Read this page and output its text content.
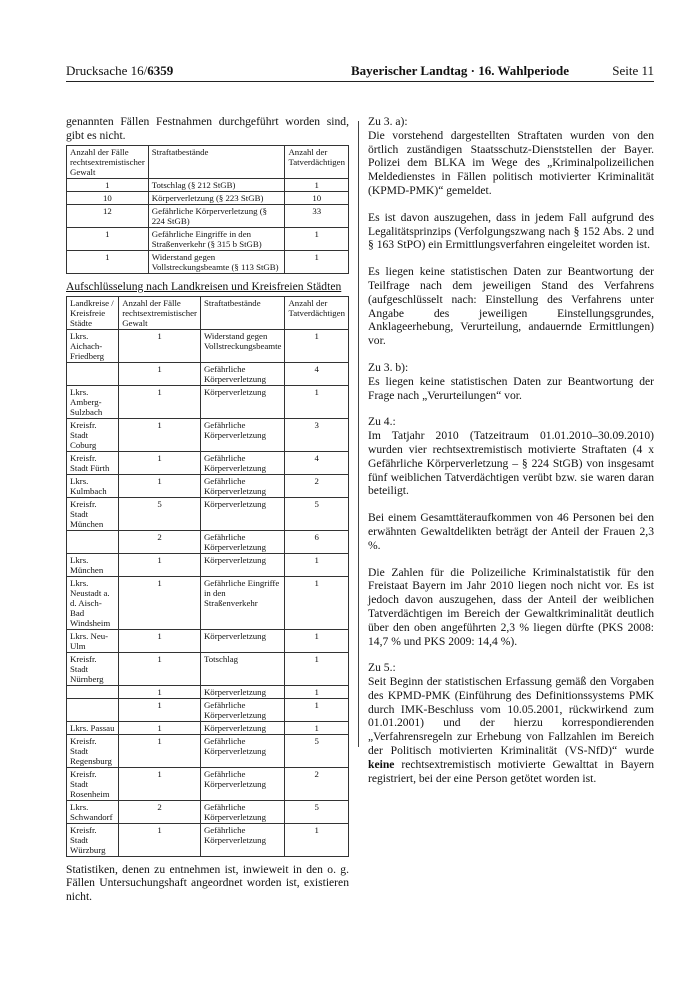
Drucksache 16/6359	Bayerischer Landtag · 16. Wahlperiode	Seite 11

genannten Fällen Festnahmen durchgeführt worden sind, gibt es nicht.

Anzahl der Fälle rechtsextremistischer Gewalt	Straftatbestände	Anzahl der Tatverdächtigen
1	Totschlag (§ 212 StGB)	1
10	Körperverletzung (§ 223 StGB)	10
12	Gefährliche Körperverletzung (§ 224 StGB)	33
1	Gefährliche Eingriffe in den Straßenverkehr (§ 315 b StGB)	1
1	Widerstand gegen Vollstreckungsbeamte (§ 113 StGB)	1
Aufschlüsselung nach Landkreisen und Kreisfreien Städten
Landkreise / Kreisfreie Städte	Anzahl der Fälle rechtsextremistischer Gewalt	Straftatbestände	Anzahl der Tatverdächtigen
Lkrs. Aichach-Friedberg	1	Widerstand gegen Vollstreckungsbeamte	1
	1	Gefährliche Körperverletzung	4
Lkrs. Amberg-Sulzbach	1	Körperverletzung	1
Kreisfr. Stadt Coburg	1	Gefährliche Körperverletzung	3
Kreisfr. Stadt Fürth	1	Gefährliche Körperverletzung	4
Lkrs. Kulmbach	1	Gefährliche Körperverletzung	2
Kreisfr. Stadt München	5	Körperverletzung	5
	2	Gefährliche Körperverletzung	6
Lkrs. München	1	Körperverletzung	1
Lkrs. Neustadt a. d. Aisch-Bad Windsheim	1	Gefährliche Eingriffe in den Straßenverkehr	1
Lkrs. Neu-Ulm	1	Körperverletzung	1
Kreisfr. Stadt Nürnberg	1	Totschlag	1
	1	Körperverletzung	1
	1	Gefährliche Körperverletzung	1
Lkrs. Passau	1	Körperverletzung	1
Kreisfr. Stadt Regensburg	1	Gefährliche Körperverletzung	5
Kreisfr. Stadt Rosenheim	1	Gefährliche Körperverletzung	2
Lkrs. Schwandorf	2	Gefährliche Körperverletzung	5
Kreisfr. Stadt Würzburg	1	Gefährliche Körperverletzung	1

Statistiken, denen zu entnehmen ist, inwieweit in den o. g. Fällen Untersuchungshaft angeordnet worden ist, existieren nicht.

Zu 3. a):

Die vorstehend dargestellten Straftaten wurden von den örtlich zuständigen Staatsschutz-Dienststellen der Bayer. Polizei dem BLKA im Wege des „Kriminalpolizeilichen Meldedienstes in Fällen politisch motivierter Kriminalität (KPMD-PMK)“ gemeldet.

Es ist davon auszugehen, dass in jedem Fall aufgrund des Legalitätsprinzips (Verfolgungszwang nach § 152 Abs. 2 und § 163 StPO) ein Ermittlungsverfahren eingeleitet worden ist.

Es liegen keine statistischen Daten zur Beantwortung der Teilfrage nach dem jeweiligen Stand des Verfahrens (aufgeschlüsselt nach: Einstellung des Verfahrens unter Angabe des jeweiligen Einstellungsgrundes, Anklageerhebung, Verurteilung, andauernde Ermittlungen) vor.

Zu 3. b):

Es liegen keine statistischen Daten zur Beantwortung der Frage nach „Verurteilungen“ vor.

Zu 4.:

Im Tatjahr 2010 (Tatzeitraum 01.01.2010–30.09.2010) wurden vier rechtsextremistisch motivierte Straftaten (4 x Gefährliche Körperverletzung – § 224 StGB) von insgesamt fünf weiblichen Tatverdächtigen verübt bzw. sie waren daran beteiligt.

Bei einem Gesamttäteraufkommen von 46 Personen bei den erwähnten Gewaltdelikten beträgt der Anteil der Frauen 2,3 %.

Die Zahlen für die Polizeiliche Kriminalstatistik für den Freistaat Bayern im Jahr 2010 liegen noch nicht vor. Es ist jedoch davon auszugehen, dass der Anteil der weiblichen Tatverdächtigen im Bereich der Gewaltkriminalität deutlich über den oben angeführten 2,3 % liegen dürfte (PKS 2008: 14,7 % und PKS 2009: 14,4 %).

Zu 5.:

Seit Beginn der statistischen Erfassung gemäß den Vorgaben des KPMD-PMK (Einführung des Definitionssystems PMK durch IMK-Beschluss vom 10.05.2001, rückwirkend zum 01.01.2001) und der hierzu korrespondierenden „Verfahrensregeln zur Erhebung von Fallzahlen im Bereich der Politisch motivierten Kriminalität (VS-NfD)“ wurde keine rechtsextremistisch motivierte Gewalttat in Bayern registriert, bei der eine Person getötet worden ist.
